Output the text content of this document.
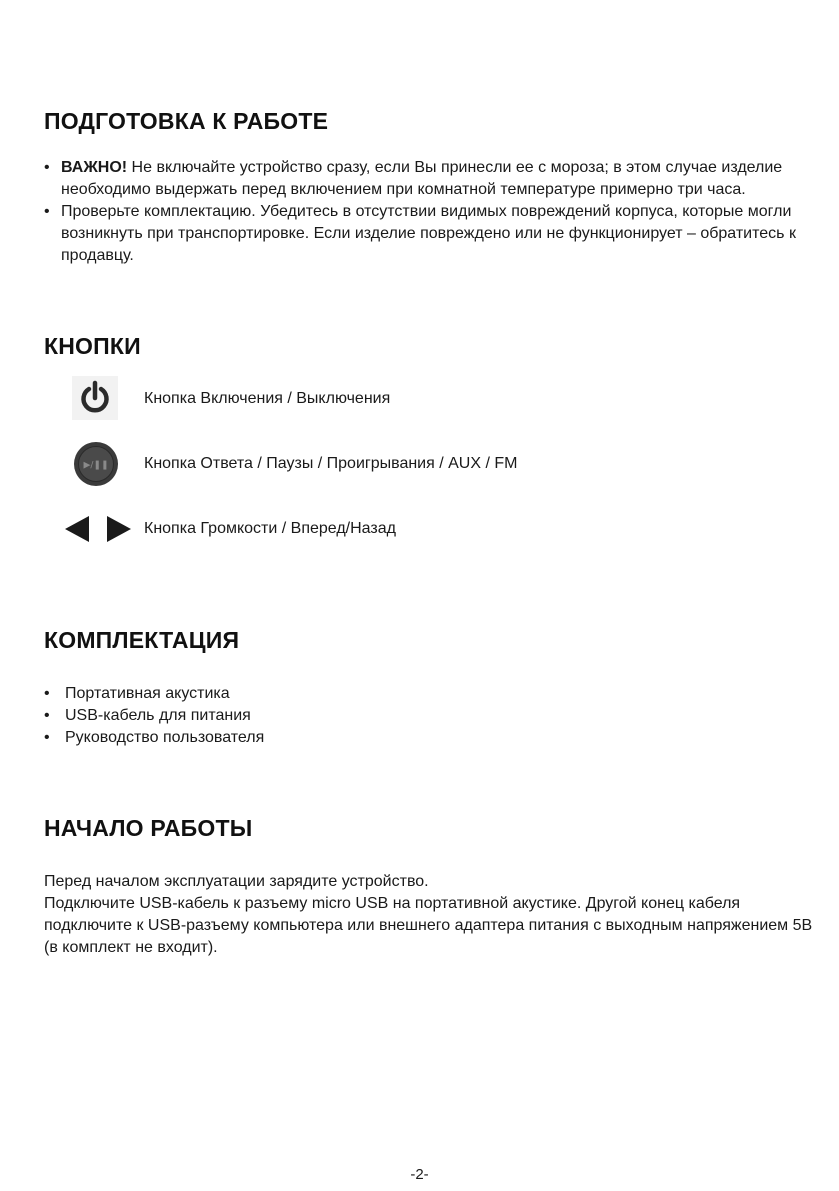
ПОДГОТОВКА К РАБОТЕ
• ВАЖНО! Не включайте устройство сразу, если Вы принесли ее с мороза; в этом случае изделие необходимо выдержать перед включением при комнатной температуре примерно три часа.
• Проверьте комплектацию. Убедитесь в отсутствии видимых повреждений корпуса, которые могли возникнуть при транспортировке. Если изделие повреждено или не функционирует – обратитесь к продавцу.
КНОПКИ
Кнопка Включения / Выключения
▶/❚❚ Кнопка Ответа / Паузы / Проигрывания / AUX / FM
Кнопка Громкости / Вперед/Назад
КОМПЛЕКТАЦИЯ
• Портативная акустика
• USB-кабель для питания
• Руководство пользователя
НАЧАЛО РАБОТЫ

Перед началом эксплуатации зарядите устройство.

Подключите USB-кабель к разъему micro USB на портативной акустике. Другой конец кабеля подключите к USB-разъему компьютера или внешнего адаптера питания с выходным напряжением 5В (в комплект не входит).

-2-
